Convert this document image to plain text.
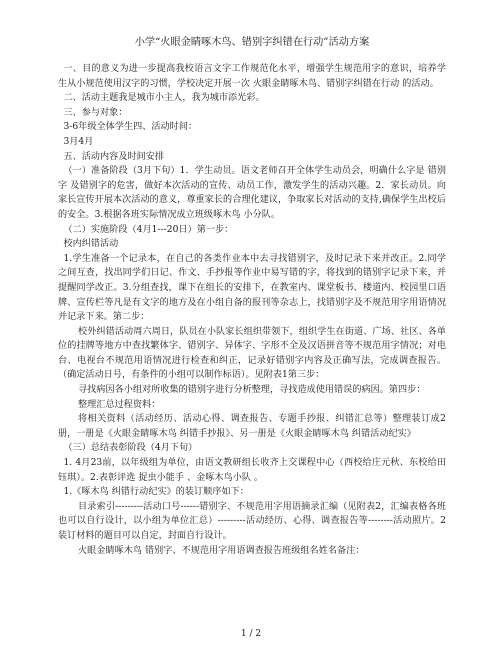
小学“火眼金睛啄木鸟、错别字纠错在行动”活动方案

一、目的意义为进一步提高我校语言文字工作规范化水平，增强学生规范用字的意识，培养学生从小规范使用汉字的习惯，学校决定开展一次 火眼金睛啄木鸟、错别字纠错在行动 的活动。

二、活动主题我是城市小主人，我为城市添光彩。

三、参与对象：

3-6年级全体学生四、活动时间：

3月4月

五、活动内容及时间安排

（一）准备阶段（3月下旬）1．学生动员。语文老师召开全体学生动员会，明确什么字是 错别字 及错别字的危害，做好本次活动的宣传、动员工作，激发学生的活动兴趣。2．家长动员。向家长宣传开展本次活动的意义，尊重家长的合理化建议，争取家长对活动的支持,确保学生出校后的安全。3.根据各班实际情况成立班级啄木鸟 小分队。

（二）实施阶段（4月1---20日）第一步：

校内纠错活动

1.学生准备一个记录本，在自己的各类作业本中去寻找错别字，及时记录下来并改正。2.同学之间互查，找出同学们日记、作文、手抄报等作业中易写错的字，将找到的错别字记录下来，并提醒同学改正。3.分组查找，课下在组长的安排下，在教室内、课堂板书、楼道内、校园里口语牌、宣传栏等凡是有文字的地方及在小组自备的报刊等杂志上，找错别字及不规范用字用语情况并记录下来。第二步：

校外纠错活动周六周日，队员在小队家长组织带领下，组织学生在街道、广场、社区、各单位的挂牌等地方中查找繁体字、错别字、异体字、字形不全及汉语拼音等不规范用字情况；对电台、电视台不规范用语情况进行检查和纠正，记录好错别字内容及正确写法，完成调查报告。（确定活动日号，有条件的小组可以制作标语）。见附表1第三步：

寻找病因各小组对所收集的错别字进行分析整理，寻找造成使用错误的病因。第四步：

整理汇总过程资料：

将相关资料（活动经历、活动心得、调查报告、专题手抄报、纠错汇总等）整理装订成2册，一册是《火眼金睛啄木鸟 纠错手抄报》、另一册是《火眼金睛啄木鸟 纠错活动纪实》

（三）总结表彰阶段（4月下旬）

1. 4月23前，以年级组为单位，由语文教研组长收齐上交课程中心（西校给庄元秋、东校给田钰琪）。2.表彰评选 捉虫小能手 、金啄木鸟小队 。

1.《啄木鸟 纠错行动纪实》的装订顺序如下：

目录索引---------活动口号------错别字、不规范用字用语摘录汇编（见附表2，汇编表格各班也可以自行设计，以小组为单位汇总）---------活动经历、心得、调查报告等--------活动照片。2装订材料的题目可以自定，封面自行设计。

火眼金睛啄木鸟 错别字、不规范用字用语调查报告班级组名姓名备注：

1 / 2
